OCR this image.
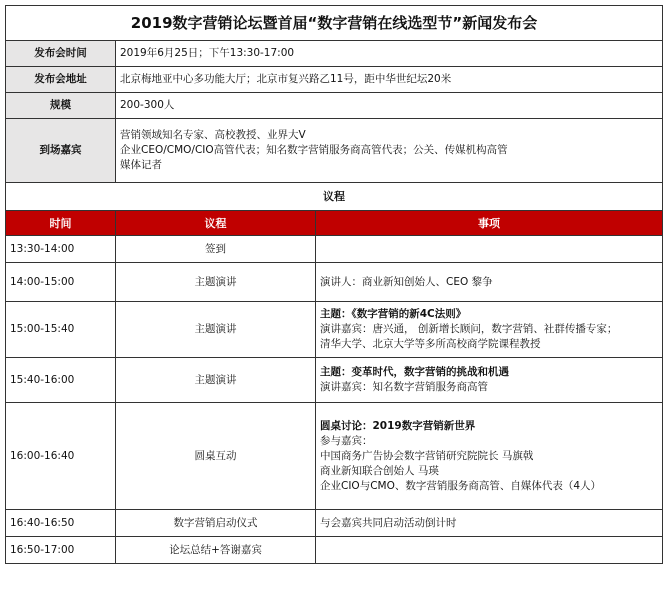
2019数字营销论坛暨首届“数字营销在线选型节”新闻发布会		
发布会时间	2019年6月25日；下午13:30-17:00	
发布会地址	北京梅地亚中心多功能大厅；北京市复兴路乙11号，距中华世纪坛20米	
规模	200-300人	
到场嘉宾	营销领域知名专家、高校教授、业界大V
企业CEO/CMO/CIO高管代表；知名数字营销服务商高管代表；公关、传媒机构高管
媒体记者	

议程		
时间	议程	事项
13:30-14:00	签到	
14:00-15:00	主题演讲	演讲人：商业新知创始人、CEO 黎争

15:00-15:40	主题演讲	主题：《数字营销的新4C法则》
演讲嘉宾：唐兴通， 创新增长顾问，数字营销、社群传播专家；
清华大学、北京大学等多所高校商学院课程教授

15:40-16:00	主题演讲	主题：变革时代，数字营销的挑战和机遇
演讲嘉宾：知名数字营销服务商高管

16:00-16:40	圆桌互动	圆桌讨论：2019数字营销新世界
参与嘉宾：
中国商务广告协会数字营销研究院院长 马旗戟
商业新知联合创始人 马瑛
企业CIO与CMO、数字营销服务商高管、自媒体代表（4人）

16:40-16:50	数字营销启动仪式	与会嘉宾共同启动活动倒计时

16:50-17:00	论坛总结+答谢嘉宾	
